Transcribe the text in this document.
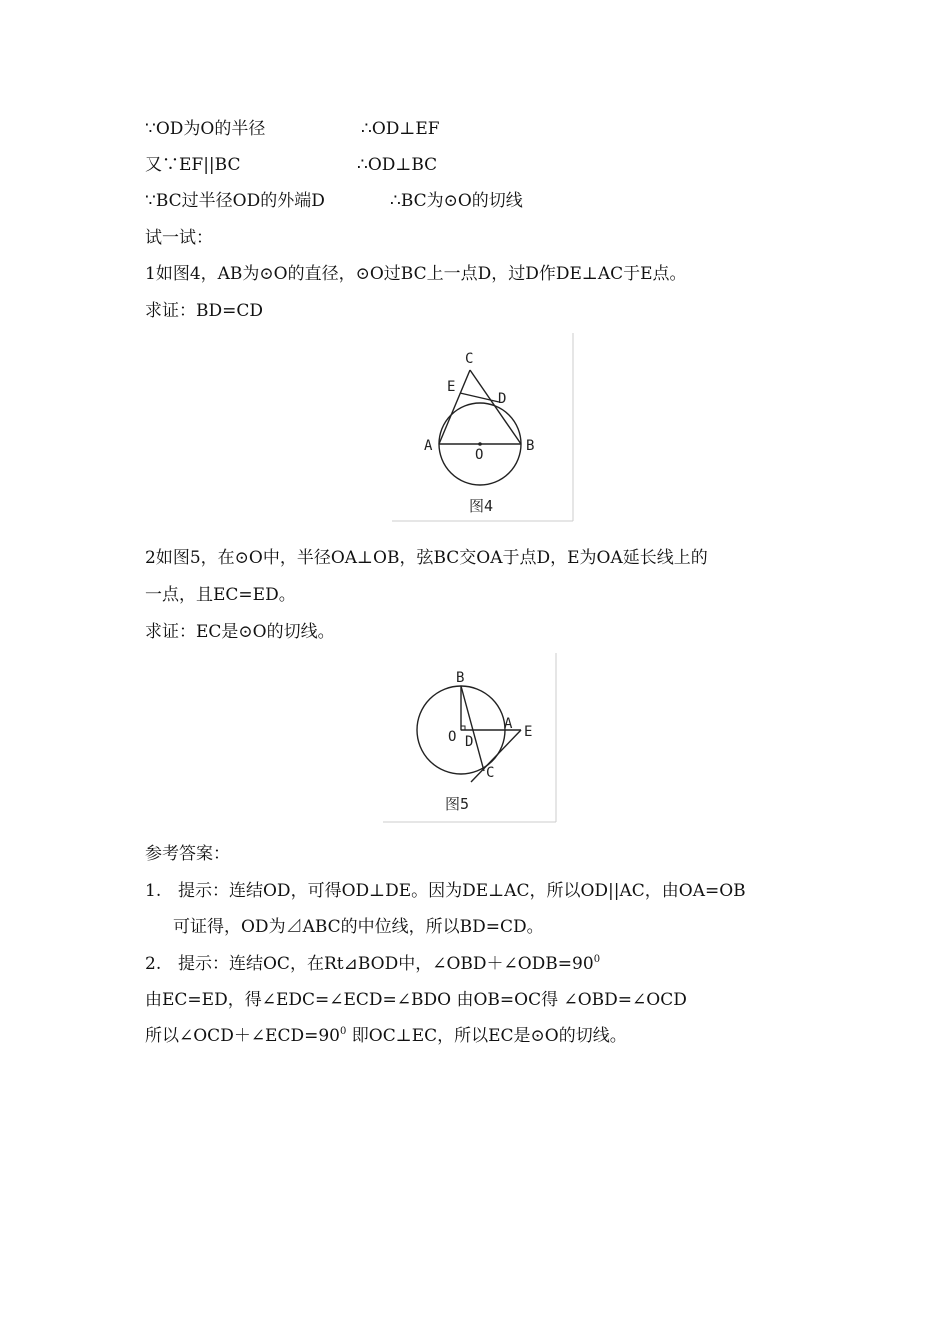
∵OD为O的半径	∴OD⊥EF
又∵EF||BC	∴OD⊥BC
∵BC过半径OD的外端D	∴BC为⊙O的切线
试一试：
1如图4，AB为⊙O的直径，⊙O过BC上一点D，过D作DE⊥AC于E点。
求证：BD=CD
C
E
D
A	B
O
图4
2如图5，在⊙O中，半径OA⊥OB，弦BC交OA于点D，E为OA延长线上的
一点，且EC=ED。
求证：EC是⊙O的切线。
B
O D
A E
C
图5
参考答案：
1. 提示：连结OD，可得OD⊥DE。因为DE⊥AC，所以OD||AC，由OA=OB
可证得，OD为⊿ABC的中位线，所以BD=CD。
2. 提示：连结OC，在Rt⊿BOD中，$\angle OBD+\angle ODB=90^0$
由EC=ED，得∠EDC=∠ECD=∠BDO 由OB=OC得 ∠OBD=∠OCD
所以$\angle OCD+\angle ECD=90^0$ 即OC⊥EC，所以EC是⊙O的切线。
